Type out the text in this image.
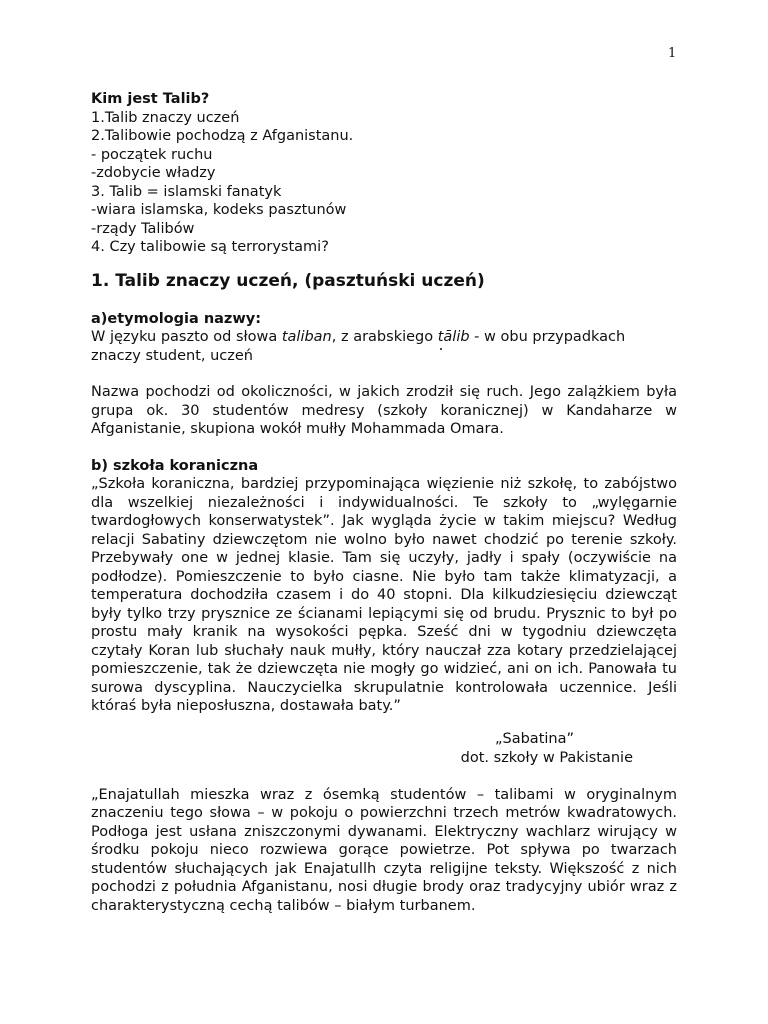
1

Kim jest Talib?

1.Talib znaczy uczeń

2.Talibowie pochodzą z Afganistanu.

- początek ruchu

-zdobycie władzy

3. Talib = islamski fanatyk

-wiara islamska, kodeks pasztunów

-rządy Talibów

4. Czy talibowie są terrorystami?

1. Talib znaczy uczeń, (pasztuński uczeń)

a)etymologia nazwy:

W języku paszto od słowa taliban, z arabskiego tālib - w obu przypadkach

znaczy student, uczeń

Nazwa pochodzi od okoliczności, w jakich zrodził się ruch. Jego zalążkiem była grupa ok. 30 studentów medresy (szkoły koranicznej) w Kandaharze w Afganistanie, skupiona wokół mułły Mohammada Omara.

b) szkoła koraniczna

„Szkoła koraniczna, bardziej przypominająca więzienie niż szkołę, to zabójstwo dla wszelkiej niezależności i indywidualności. Te szkoły to „wylęgarnie twardogłowych konserwatystek”. Jak wygląda życie w takim miejscu? Według relacji Sabatiny dziewczętom nie wolno było nawet chodzić po terenie szkoły. Przebywały one w jednej klasie. Tam się uczyły, jadły i spały (oczywiście na podłodze). Pomieszczenie to było ciasne. Nie było tam także klimatyzacji, a temperatura dochodziła czasem i do 40 stopni. Dla kilkudziesięciu dziewcząt były tylko trzy prysznice ze ścianami lepiącymi się od brudu. Prysznic to był po prostu mały kranik na wysokości pępka. Sześć dni w tygodniu dziewczęta czytały Koran lub słuchały nauk mułły, który nauczał zza kotary przedzielającej pomieszczenie, tak że dziewczęta nie mogły go widzieć, ani on ich. Panowała tu surowa dyscyplina. Nauczycielka skrupulatnie kontrolowała uczennice. Jeśli któraś była nieposłuszna, dostawała baty.”

„Sabatina”

dot. szkoły w Pakistanie

„Enajatullah mieszka wraz z ósemką studentów – talibami w oryginalnym znaczeniu tego słowa – w pokoju o powierzchni trzech metrów kwadratowych. Podłoga jest usłana zniszczonymi dywanami. Elektryczny wachlarz wirujący w środku pokoju nieco rozwiewa gorące powietrze. Pot spływa po twarzach studentów słuchających jak Enajatullh czyta religijne teksty. Większość z nich pochodzi z południa Afganistanu, nosi długie brody oraz tradycyjny ubiór wraz z charakterystyczną cechą talibów – białym turbanem.
